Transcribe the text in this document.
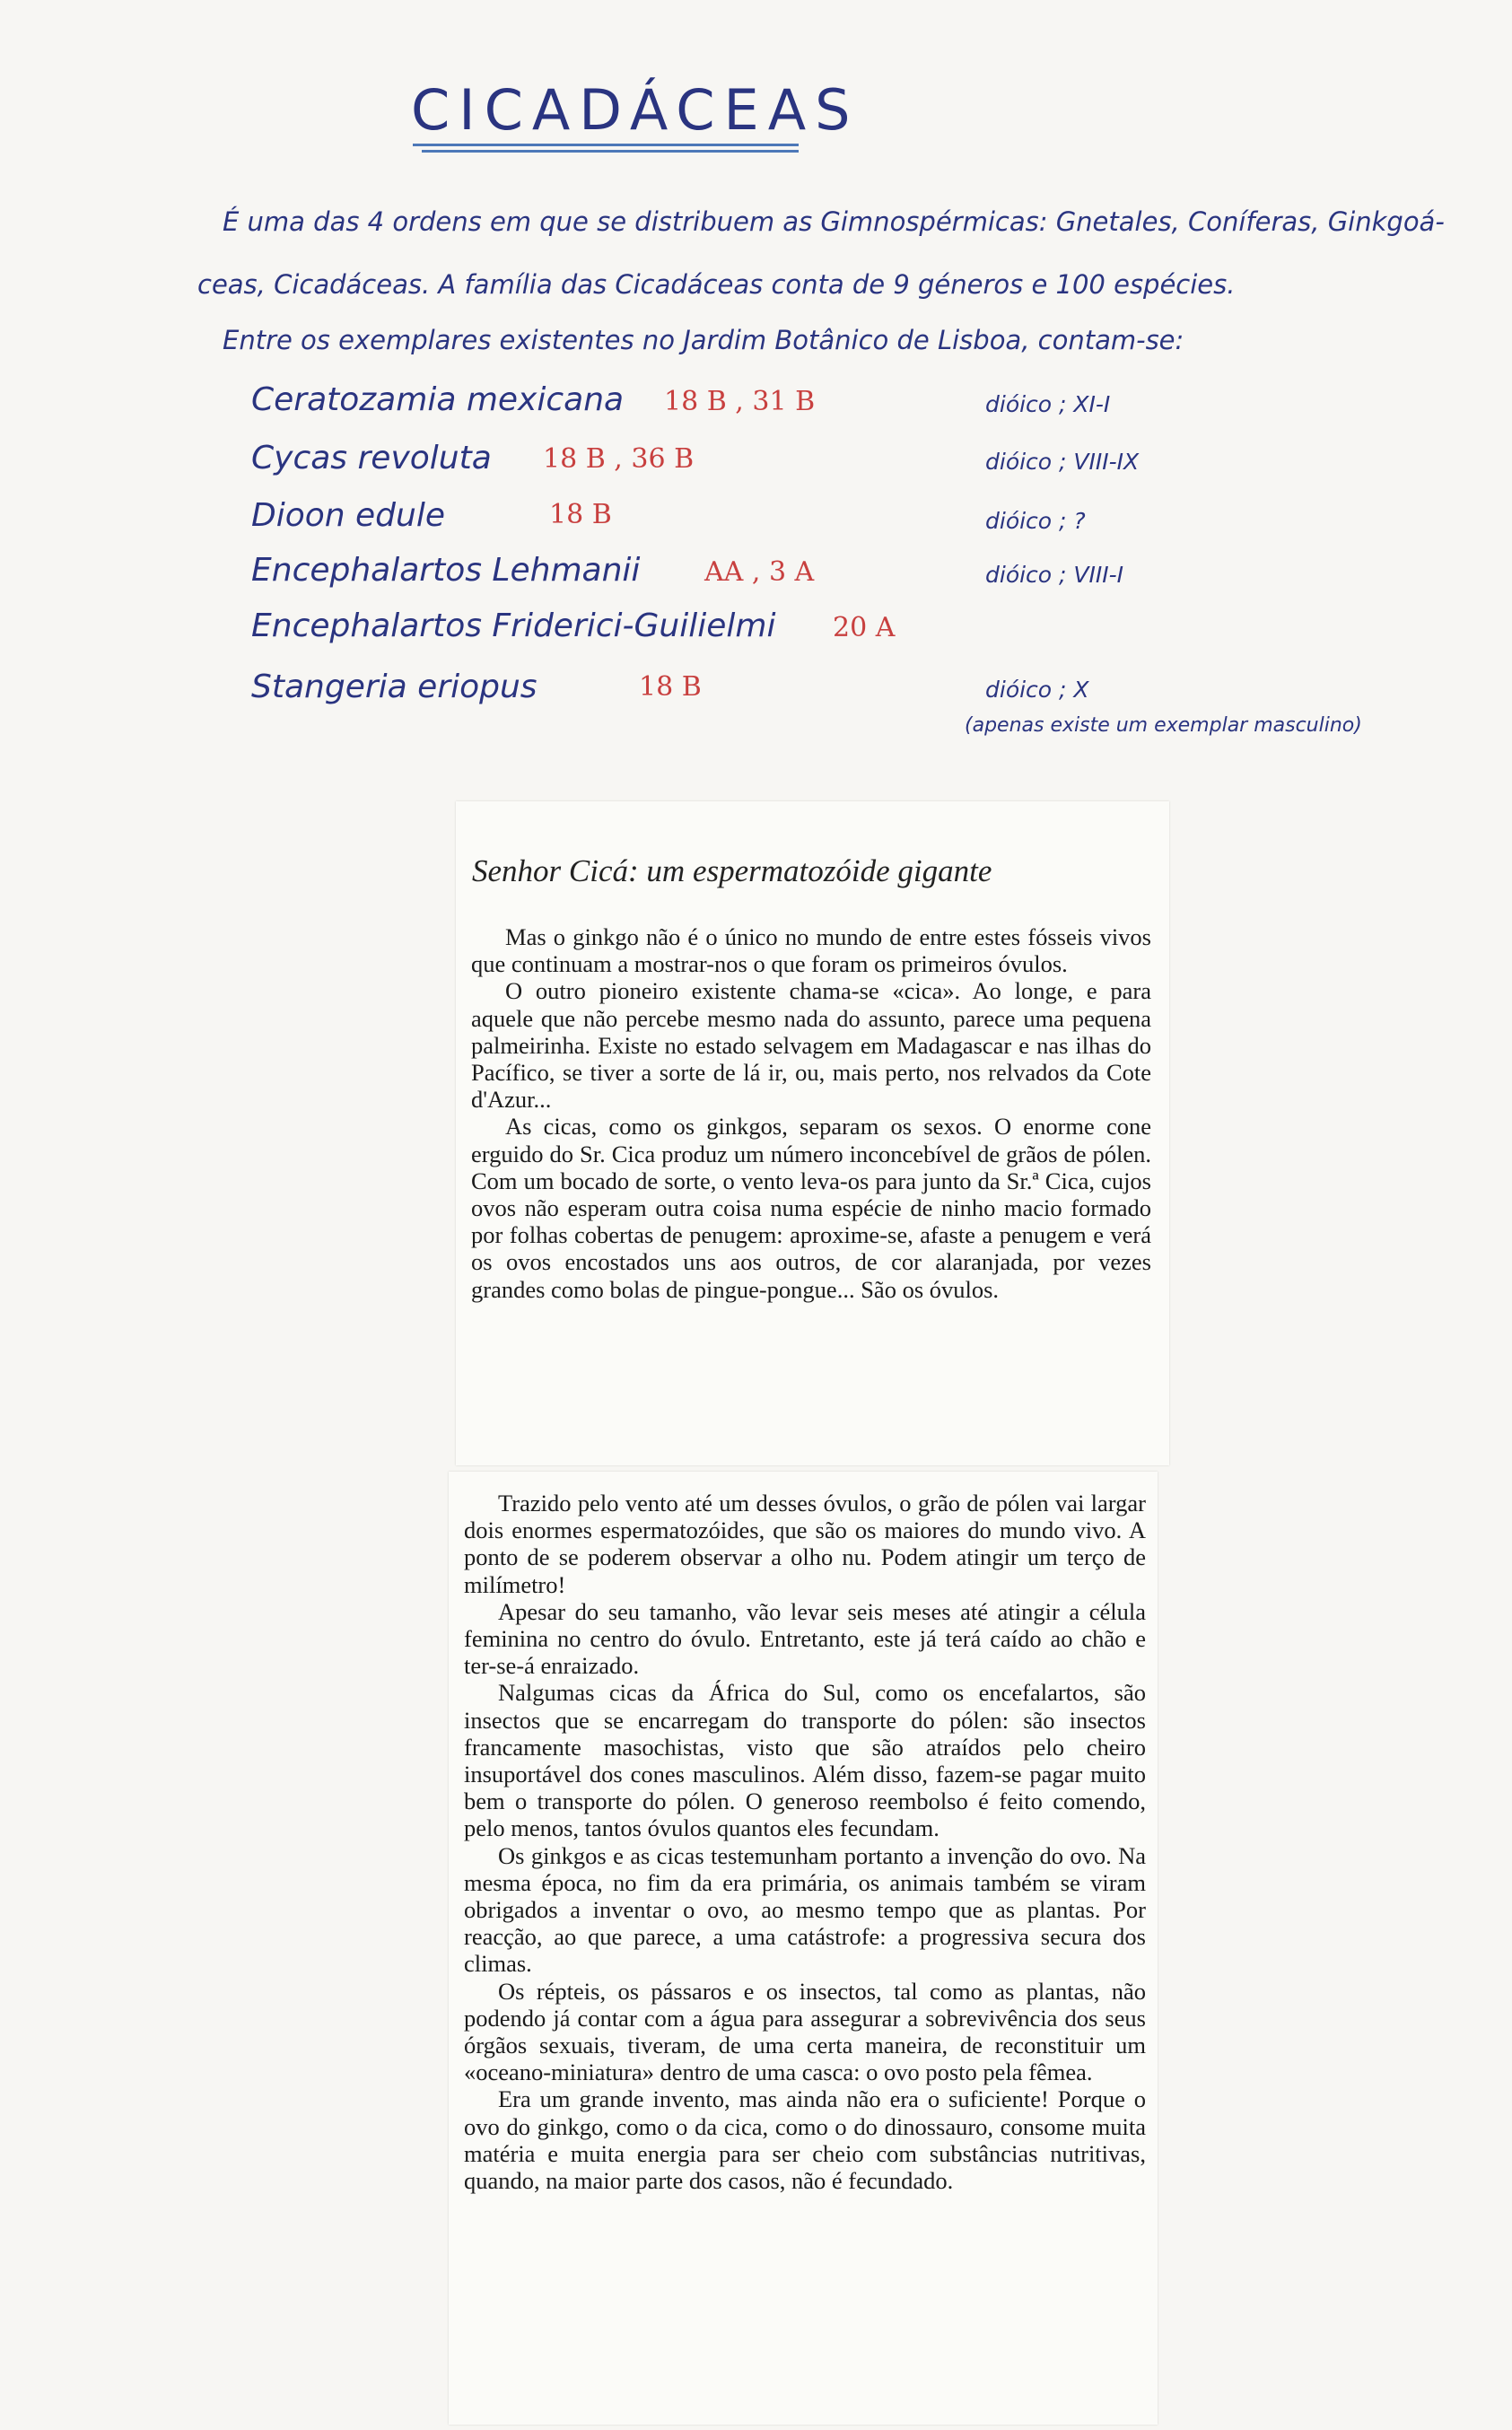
CICADÁCEAS
É uma das 4 ordens em que se distribuem as Gimnospérmicas: Gnetales, Coníferas, Ginkgoá-
ceas, Cicadáceas. A família das Cicadáceas conta de 9 géneros e 100 espécies.
Entre os exemplares existentes no Jardim Botânico de Lisboa, contam-se:
Ceratozamia mexicana 18 B , 31 B	dióico ; XI-I
Cycas revoluta 18 B , 36 B	dióico ; VIII-IX
Dioon edule	18 B	dióico ; ?
Encephalartos Lehmanii AA , 3 A	dióico ; VIII-I
Encephalartos Friderici-Guilielmi 20 A
Stangeria eriopus	18 B	dióico ; X
(apenas existe um exemplar masculino)
Senhor Cicá: um espermatozóide gigante

Mas o ginkgo não é o único no mundo de entre estes fósseis vivos que continuam a mostrar-nos o que foram os primeiros óvulos.

O outro pioneiro existente chama-se «cica». Ao longe, e para aquele que não percebe mesmo nada do assunto, parece uma pequena palmeirinha. Existe no estado selvagem em Madagascar e nas ilhas do Pacífico, se tiver a sorte de lá ir, ou, mais perto, nos relvados da Cote d'Azur...

As cicas, como os ginkgos, separam os sexos. O enorme cone erguido do Sr. Cica produz um número inconcebível de grãos de pólen. Com um bocado de sorte, o vento leva-os para junto da Sr.ª Cica, cujos ovos não esperam outra coisa numa espécie de ninho macio formado por folhas cobertas de penugem: aproxime-se, afaste a penugem e verá os ovos encostados uns aos outros, de cor alaranjada, por vezes grandes como bolas de pingue-pongue... São os óvulos.

Trazido pelo vento até um desses óvulos, o grão de pólen vai largar dois enormes espermatozóides, que são os maiores do mundo vivo. A ponto de se poderem observar a olho nu. Podem atingir um terço de milímetro!

Apesar do seu tamanho, vão levar seis meses até atingir a célula feminina no centro do óvulo. Entretanto, este já terá caído ao chão e ter-se-á enraizado.

Nalgumas cicas da África do Sul, como os encefalartos, são insectos que se encarregam do transporte do pólen: são insectos francamente masochistas, visto que são atraídos pelo cheiro insuportável dos cones masculinos. Além disso, fazem-se pagar muito bem o transporte do pólen. O generoso reembolso é feito comendo, pelo menos, tantos óvulos quantos eles fecundam.

Os ginkgos e as cicas testemunham portanto a invenção do ovo. Na mesma época, no fim da era primária, os animais também se viram obrigados a inventar o ovo, ao mesmo tempo que as plantas. Por reacção, ao que parece, a uma catástrofe: a progressiva secura dos climas.

Os répteis, os pássaros e os insectos, tal como as plantas, não podendo já contar com a água para assegurar a sobrevivência dos seus órgãos sexuais, tiveram, de uma certa maneira, de reconstituir um «oceano-miniatura» dentro de uma casca: o ovo posto pela fêmea.

Era um grande invento, mas ainda não era o suficiente! Porque o ovo do ginkgo, como o da cica, como o do dinossauro, consome muita matéria e muita energia para ser cheio com substâncias nutritivas, quando, na maior parte dos casos, não é fecundado.
